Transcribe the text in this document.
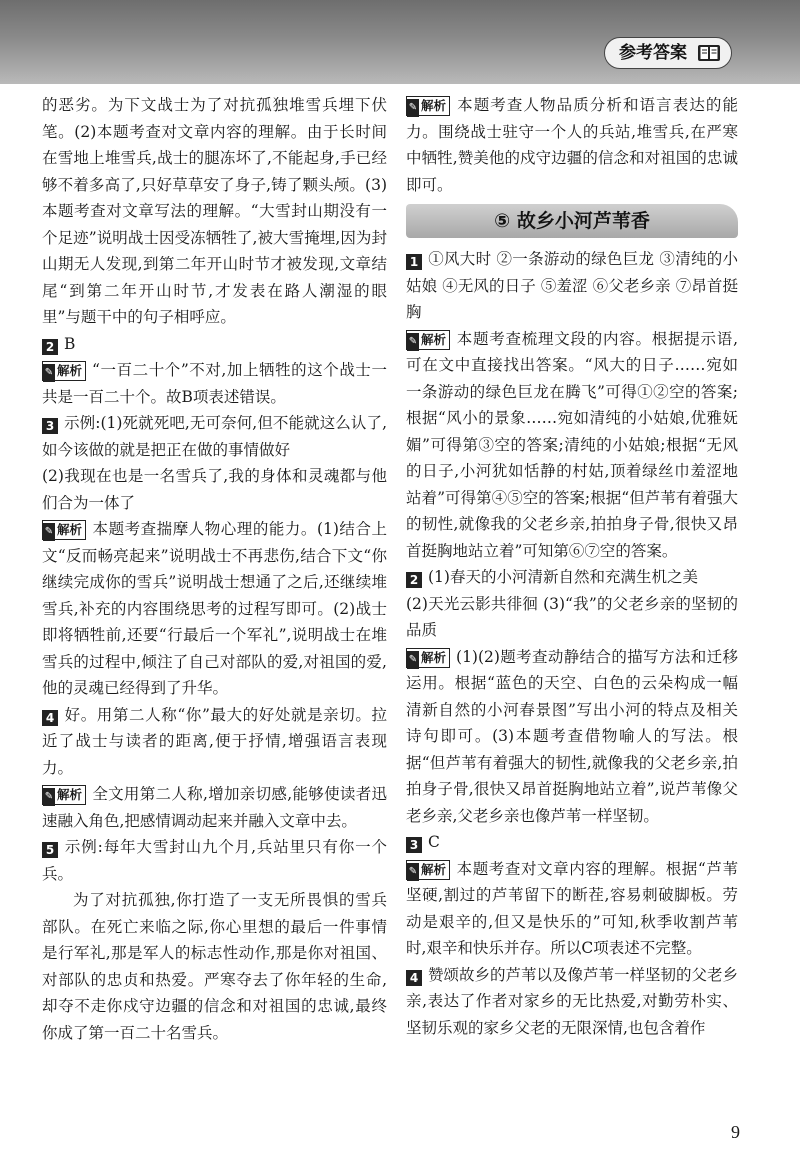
参考答案

的恶劣。为下文战士为了对抗孤独堆雪兵埋下伏笔。(2)本题考查对文章内容的理解。由于长时间在雪地上堆雪兵,战士的腿冻坏了,不能起身,手已经够不着多高了,只好草草安了身子,铸了颗头颅。(3)本题考查对文章写法的理解。“大雪封山期没有一个足迹”说明战士因受冻牺牲了,被大雪掩埋,因为封山期无人发现,到第二年开山时节才被发现,文章结尾“到第二年开山时节,才发表在路人潮湿的眼里”与题干中的句子相呼应。

2 B

✎ 解析 “一百二十个”不对,加上牺牲的这个战士一共是一百二十个。故B项表述错误。

3 示例:(1)死就死吧,无可奈何,但不能就这么认了,如今该做的就是把正在做的事情做好

(2)我现在也是一名雪兵了,我的身体和灵魂都与他们合为一体了

✎ 解析 本题考查揣摩人物心理的能力。(1)结合上文“反而畅亮起来”说明战士不再悲伤,结合下文“你继续完成你的雪兵”说明战士想通了之后,还继续堆雪兵,补充的内容围绕思考的过程写即可。(2)战士即将牺牲前,还要“行最后一个军礼”,说明战士在堆雪兵的过程中,倾注了自己对部队的爱,对祖国的爱,他的灵魂已经得到了升华。

4 好。用第二人称“你”最大的好处就是亲切。拉近了战士与读者的距离,便于抒情,增强语言表现力。

✎ 解析 全文用第二人称,增加亲切感,能够使读者迅速融入角色,把感情调动起来并融入文章中去。

5 示例:每年大雪封山九个月,兵站里只有你一个兵。

为了对抗孤独,你打造了一支无所畏惧的雪兵部队。在死亡来临之际,你心里想的最后一件事情是行军礼,那是军人的标志性动作,那是你对祖国、对部队的忠贞和热爱。严寒夺去了你年轻的生命,却夺不走你戍守边疆的信念和对祖国的忠诚,最终你成了第一百二十名雪兵。

✎ 解析 本题考查人物品质分析和语言表达的能力。围绕战士驻守一个人的兵站,堆雪兵,在严寒中牺牲,赞美他的戍守边疆的信念和对祖国的忠诚即可。

⑤ 故乡小河芦苇香

1 ①风大时 ②一条游动的绿色巨龙 ③清纯的小姑娘 ④无风的日子 ⑤羞涩 ⑥父老乡亲 ⑦昂首挺胸

✎ 解析 本题考查梳理文段的内容。根据提示语,可在文中直接找出答案。“风大的日子……宛如一条游动的绿色巨龙在腾飞”可得①②空的答案;根据“风小的景象……宛如清纯的小姑娘,优雅妩媚”可得第③空的答案;清纯的小姑娘;根据“无风的日子,小河犹如恬静的村姑,顶着绿丝巾羞涩地站着”可得第④⑤空的答案;根据“但芦苇有着强大的韧性,就像我的父老乡亲,拍拍身子骨,很快又昂首挺胸地站立着”可知第⑥⑦空的答案。

2 (1)春天的小河清新自然和充满生机之美

(2)天光云影共徘徊 (3)“我”的父老乡亲的坚韧的品质

✎ 解析 (1)(2)题考查动静结合的描写方法和迁移运用。根据“蓝色的天空、白色的云朵构成一幅清新自然的小河春景图”写出小河的特点及相关诗句即可。(3)本题考查借物喻人的写法。根据“但芦苇有着强大的韧性,就像我的父老乡亲,拍拍身子骨,很快又昂首挺胸地站立着”,说芦苇像父老乡亲,父老乡亲也像芦苇一样坚韧。

3 C

✎ 解析 本题考查对文章内容的理解。根据“芦苇坚硬,割过的芦苇留下的断茬,容易刺破脚板。劳动是艰辛的,但又是快乐的”可知,秋季收割芦苇时,艰辛和快乐并存。所以C项表述不完整。

4 赞颂故乡的芦苇以及像芦苇一样坚韧的父老乡亲,表达了作者对家乡的无比热爱,对勤劳朴实、坚韧乐观的家乡父老的无限深情,也包含着作

9
